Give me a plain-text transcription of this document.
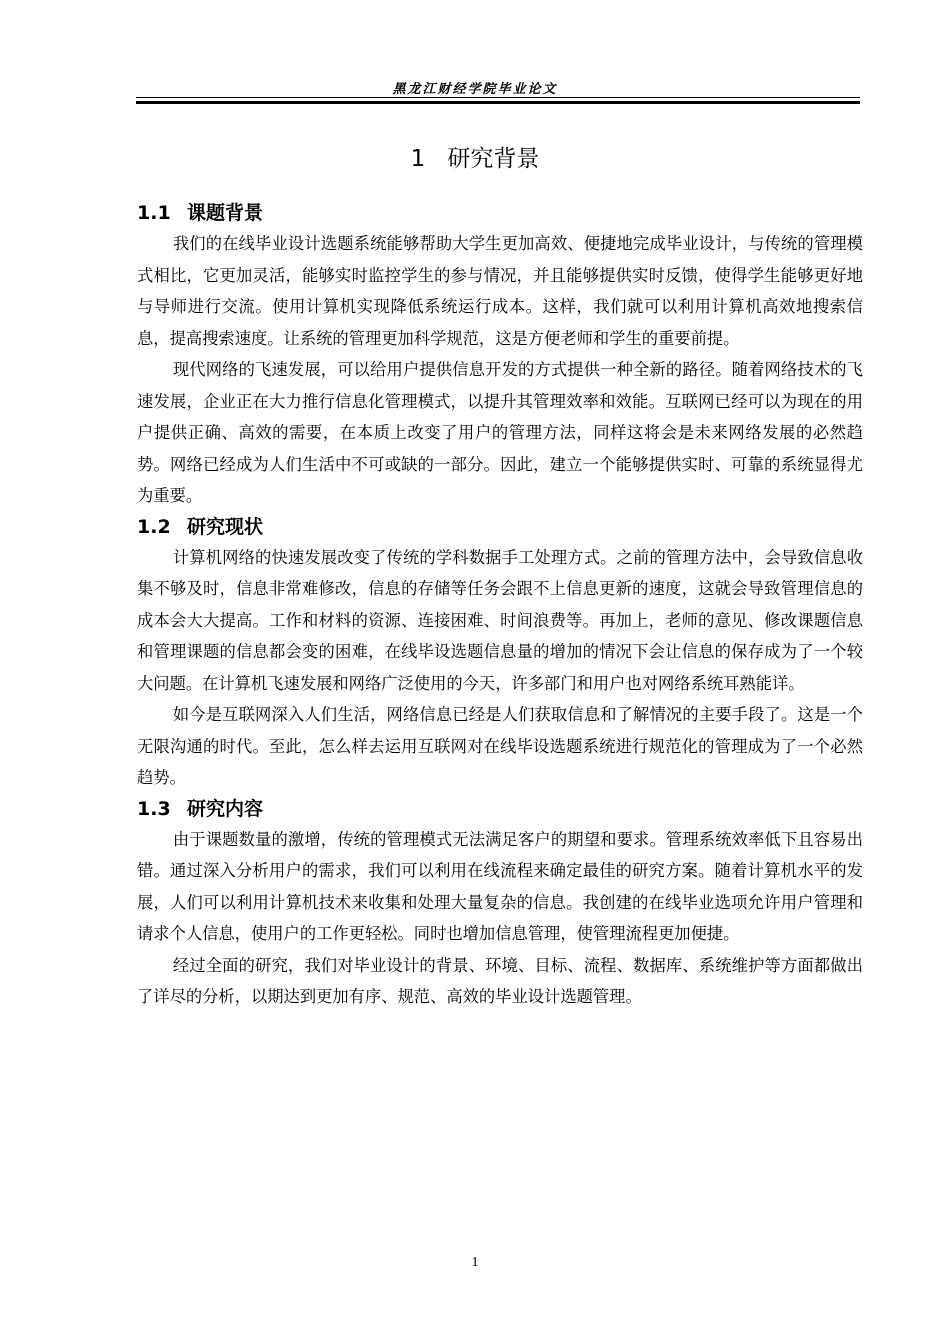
黑龙江财经学院毕业论文
1 研究背景
1.1 课题背景

我们的在线毕业设计选题系统能够帮助大学生更加高效、便捷地完成毕业设计，与传统的管理模式相比，它更加灵活，能够实时监控学生的参与情况，并且能够提供实时反馈，使得学生能够更好地与导师进行交流。使用计算机实现降低系统运行成本。这样，我们就可以利用计算机高效地搜索信息，提高搜索速度。让系统的管理更加科学规范，这是方便老师和学生的重要前提。

现代网络的飞速发展，可以给用户提供信息开发的方式提供一种全新的路径。随着网络技术的飞速发展，企业正在大力推行信息化管理模式，以提升其管理效率和效能。互联网已经可以为现在的用户提供正确、高效的需要，在本质上改变了用户的管理方法，同样这将会是未来网络发展的必然趋势。网络已经成为人们生活中不可或缺的一部分。因此，建立一个能够提供实时、可靠的系统显得尤为重要。

1.2 研究现状

计算机网络的快速发展改变了传统的学科数据手工处理方式。之前的管理方法中，会导致信息收集不够及时，信息非常难修改，信息的存储等任务会跟不上信息更新的速度，这就会导致管理信息的成本会大大提高。工作和材料的资源、连接困难、时间浪费等。再加上，老师的意见、修改课题信息和管理课题的信息都会变的困难，在线毕设选题信息量的增加的情况下会让信息的保存成为了一个较大问题。在计算机飞速发展和网络广泛使用的今天，许多部门和用户也对网络系统耳熟能详。

如今是互联网深入人们生活，网络信息已经是人们获取信息和了解情况的主要手段了。这是一个无限沟通的时代。至此，怎么样去运用互联网对在线毕设选题系统进行规范化的管理成为了一个必然趋势。

1.3 研究内容

由于课题数量的激增，传统的管理模式无法满足客户的期望和要求。管理系统效率低下且容易出错。通过深入分析用户的需求，我们可以利用在线流程来确定最佳的研究方案。随着计算机水平的发展，人们可以利用计算机技术来收集和处理大量复杂的信息。我创建的在线毕业选项允许用户管理和请求个人信息，使用户的工作更轻松。同时也增加信息管理，使管理流程更加便捷。

经过全面的研究，我们对毕业设计的背景、环境、目标、流程、数据库、系统维护等方面都做出了详尽的分析，以期达到更加有序、规范、高效的毕业设计选题管理。

1
